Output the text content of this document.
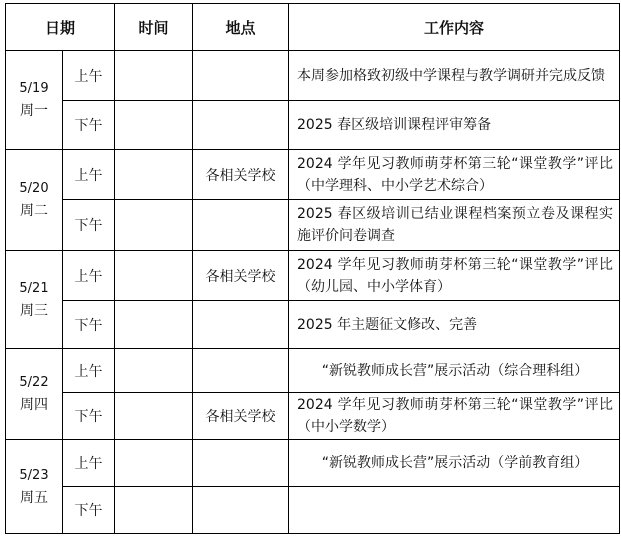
日期		时间	地点	工作内容

5/19
周一	上午			本周参加格致初级中学课程与教学调研并完成反馈
	下午			2025 春区级培训课程评审筹备

5/20
周二	上午		各相关学校	2024 学年见习教师萌芽杯第三轮“课堂教学”评比（中学理科、中小学艺术综合）
	下午			2025 春区级培训已结业课程档案预立卷及课程实施评价问卷调查

5/21
周三	上午		各相关学校	2024 学年见习教师萌芽杯第三轮“课堂教学”评比（幼儿园、中小学体育）
	下午			2025 年主题征文修改、完善

5/22
周四	上午			“新锐教师成长营”展示活动（综合理科组）
	下午		各相关学校	2024 学年见习教师萌芽杯第三轮“课堂教学”评比（中小学数学）

5/23
周五	上午			“新锐教师成长营”展示活动（学前教育组）
	下午			
